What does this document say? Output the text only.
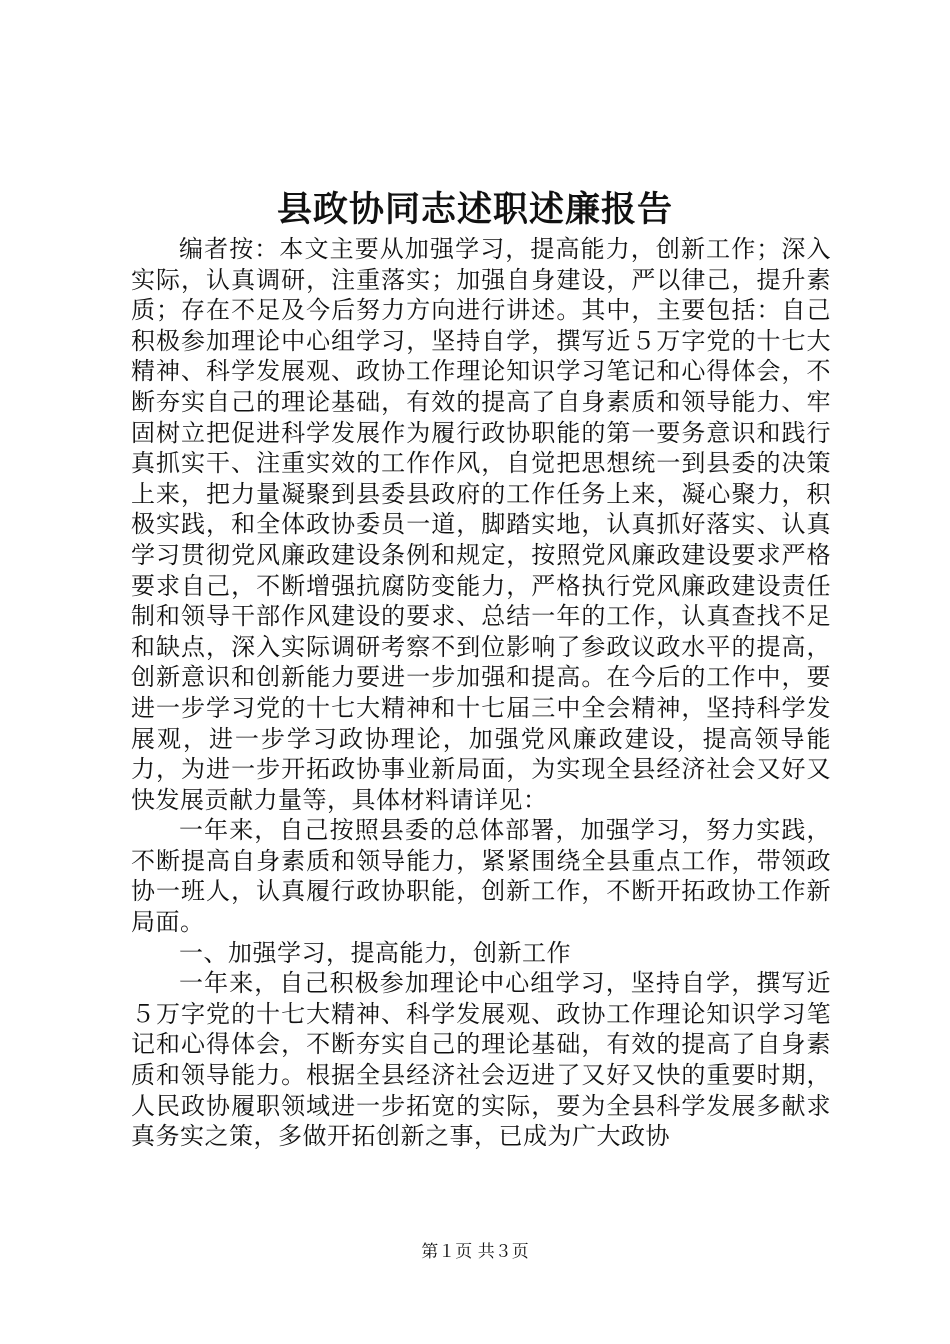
县政协同志述职述廉报告

编者按：本文主要从加强学习，提高能力，创新工作；深入实际，认真调研，注重落实；加强自身建设，严以律己，提升素质；存在不足及今后努力方向进行讲述。其中，主要包括：自己积极参加理论中心组学习，坚持自学，撰写近５万字党的十七大精神、科学发展观、政协工作理论知识学习笔记和心得体会，不断夯实自己的理论基础，有效的提高了自身素质和领导能力、牢固树立把促进科学发展作为履行政协职能的第一要务意识和践行真抓实干、注重实效的工作作风，自觉把思想统一到县委的决策上来，把力量凝聚到县委县政府的工作任务上来，凝心聚力，积极实践，和全体政协委员一道，脚踏实地，认真抓好落实、认真学习贯彻党风廉政建设条例和规定，按照党风廉政建设要求严格要求自己，不断增强抗腐防变能力，严格执行党风廉政建设责任制和领导干部作风建设的要求、总结一年的工作，认真查找不足和缺点，深入实际调研考察不到位影响了参政议政水平的提高，创新意识和创新能力要进一步加强和提高。在今后的工作中，要进一步学习党的十七大精神和十七届三中全会精神，坚持科学发展观，进一步学习政协理论，加强党风廉政建设，提高领导能力，为进一步开拓政协事业新局面，为实现全县经济社会又好又快发展贡献力量等，具体材料请详见：

一年来，自己按照县委的总体部署，加强学习，努力实践，不断提高自身素质和领导能力，紧紧围绕全县重点工作，带领政协一班人，认真履行政协职能，创新工作，不断开拓政协工作新局面。

一、加强学习，提高能力，创新工作

一年来，自己积极参加理论中心组学习，坚持自学，撰写近５万字党的十七大精神、科学发展观、政协工作理论知识学习笔记和心得体会，不断夯实自己的理论基础，有效的提高了自身素质和领导能力。根据全县经济社会迈进了又好又快的重要时期，人民政协履职领域进一步拓宽的实际，要为全县科学发展多献求真务实之策，多做开拓创新之事，已成为广大政协

第１页 共３页
